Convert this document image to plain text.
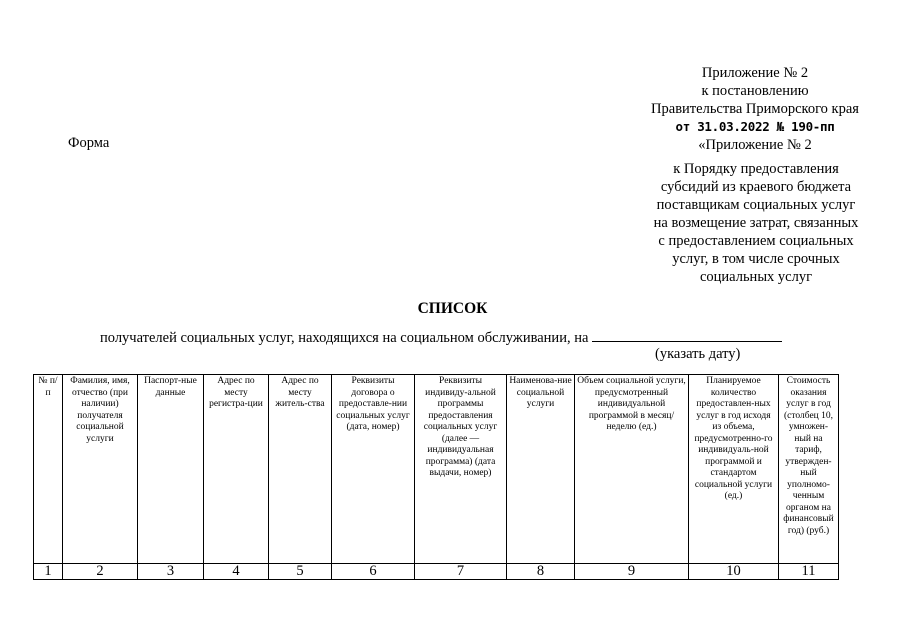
Приложение № 2
к постановлению
Правительства Приморского края
от 31.03.2022 № 190-пп
«Приложение № 2
Форма
к Порядку предоставления
субсидий из краевого бюджета
поставщикам социальных услуг
на возмещение затрат, связанных
с предоставлением социальных
услуг, в том числе срочных
социальных услуг
СПИСОК
получателей социальных услуг, находящихся на социальном обслуживании, на
(указать дату)
№ п/п	Фамилия, имя, отчество (при наличии) получателя социальной услуги	Паспорт-ные данные	Адрес по месту регистра-ции	Адрес по месту житель-ства	Реквизиты договора о предоставле-нии социальных услуг (дата, номер)	Реквизиты индивиду-альной программы предоставления социальных услуг (далее — индивидуальная программа) (дата выдачи, номер)	Наименова-ние социальной услуги	Объем социальной услуги, предусмотренный индивидуальной программой в месяц/неделю (ед.)	Планируемое количество предоставлен-ных услуг в год исходя из объема, предусмотренно-го индивидуаль-ной программой и стандартом социальной услуги (ед.)	Стоимость оказания услуг в год (столбец 10, умножен-ный на тариф, утвержден-ный уполномо-ченным органом на финансовый год) (руб.)
1	2	3	4	5	6	7	8	9	10	11
